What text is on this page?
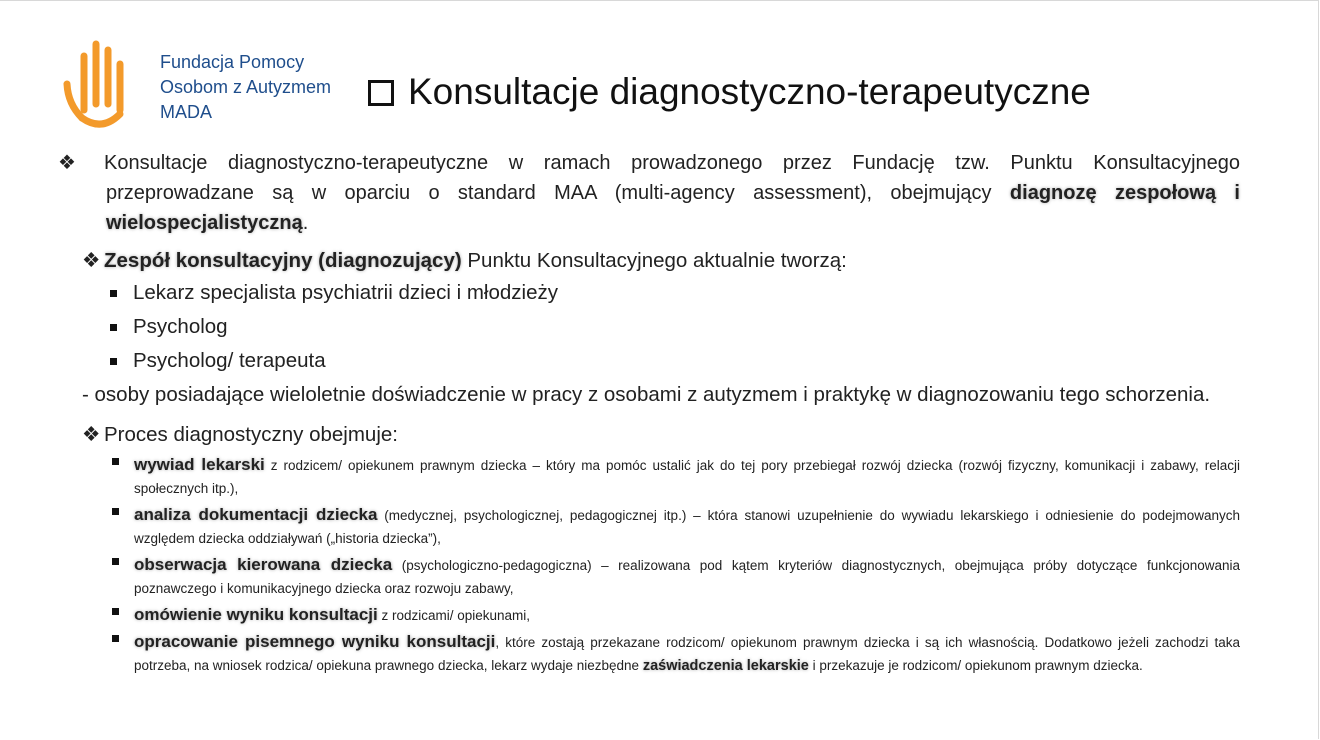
Fundacja Pomocy
Osobom z Autyzmem
MADA	Konsultacje diagnostyczno-terapeutyczne
❖ Konsultacje diagnostyczno-terapeutyczne w ramach prowadzonego przez Fundację tzw. Punktu Konsultacyjnego przeprowadzane są w oparciu o standard MAA (multi-agency assessment), obejmujący diagnozę zespołową i wielospecjalistyczną.
❖ Zespół konsultacyjny (diagnozujący) Punktu Konsultacyjnego aktualnie tworzą:
Lekarz specjalista psychiatrii dzieci i młodzieży
Psycholog
Psycholog/ terapeuta
- osoby posiadające wieloletnie doświadczenie w pracy z osobami z autyzmem i praktykę w diagnozowaniu tego schorzenia.
❖ Proces diagnostyczny obejmuje:
wywiad lekarski z rodzicem/ opiekunem prawnym dziecka – który ma pomóc ustalić jak do tej pory przebiegał rozwój dziecka (rozwój fizyczny, komunikacji i zabawy, relacji społecznych itp.),
analiza dokumentacji dziecka (medycznej, psychologicznej, pedagogicznej itp.) – która stanowi uzupełnienie do wywiadu lekarskiego i odniesienie do podejmowanych względem dziecka oddziaływań („historia dziecka”),
obserwacja kierowana dziecka (psychologiczno-pedagogiczna) – realizowana pod kątem kryteriów diagnostycznych, obejmująca próby dotyczące funkcjonowania poznawczego i komunikacyjnego dziecka oraz rozwoju zabawy,
omówienie wyniku konsultacji z rodzicami/ opiekunami,
opracowanie pisemnego wyniku konsultacji, które zostają przekazane rodzicom/ opiekunom prawnym dziecka i są ich własnością. Dodatkowo jeżeli zachodzi taka potrzeba, na wniosek rodzica/ opiekuna prawnego dziecka, lekarz wydaje niezbędne zaświadczenia lekarskie i przekazuje je rodzicom/ opiekunom prawnym dziecka.
